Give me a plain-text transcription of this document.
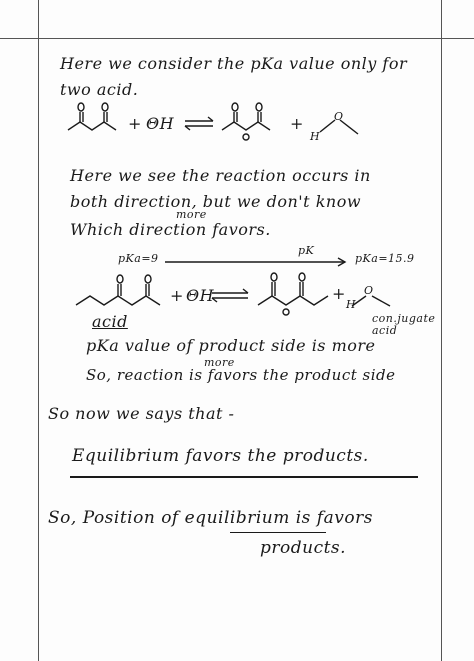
Here we consider the pKa value only for
two acid.
+ ΘH	+
H
O
Here we see the reaction occurs in
both direction, but we don't know
more
Which direction favors.
pKa=9
pK
pKa=15.9
+ ΘH	+
H
O
acid	con.jugate
acid
pKa value of product side is more
more
So, reaction is favors the product side
So now we says that -
Equilibrium favors the products.
So, Position of equilibrium is favors
products.
